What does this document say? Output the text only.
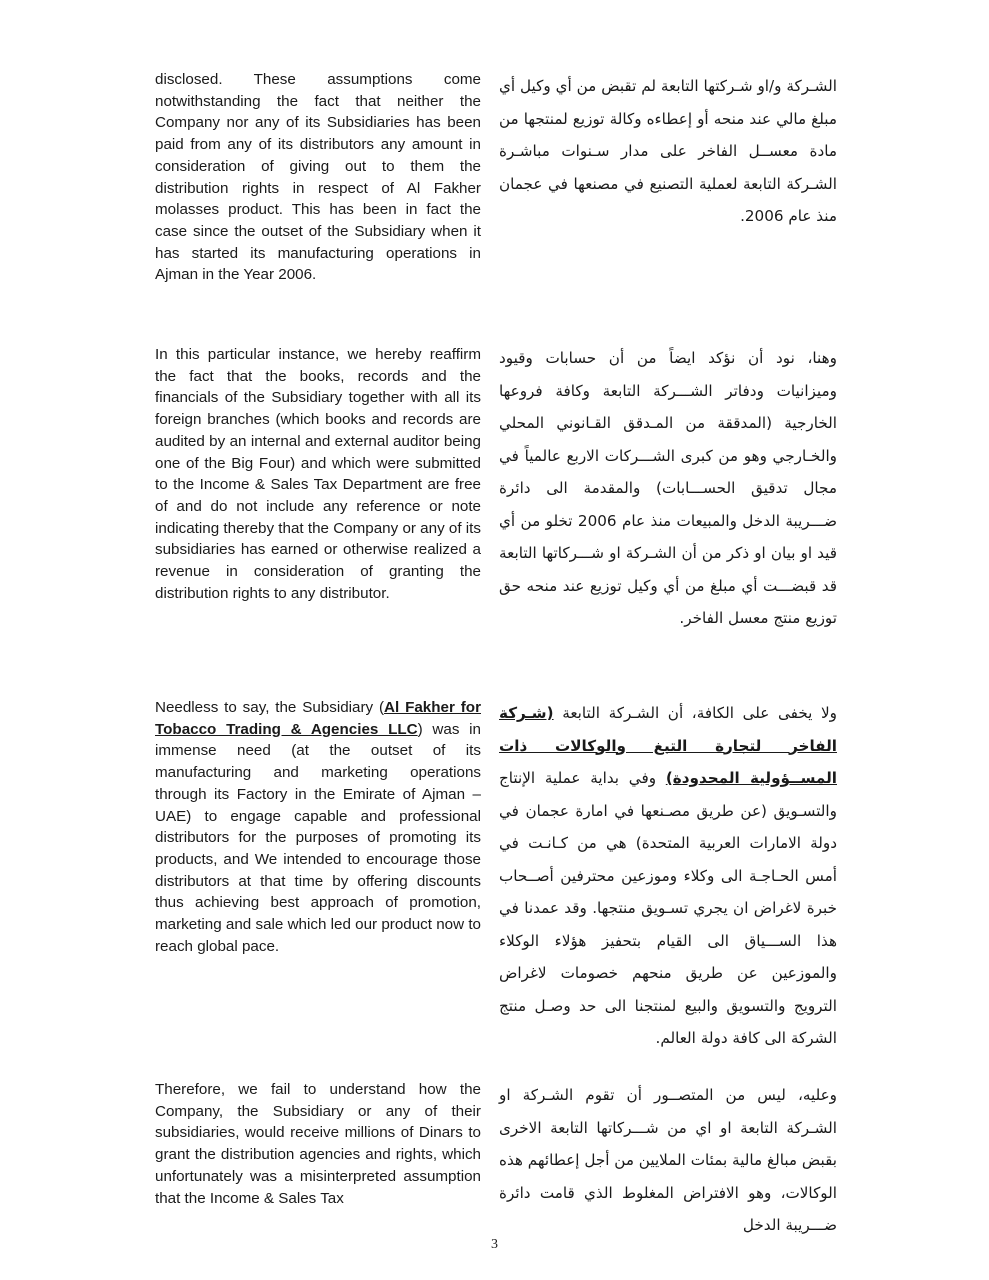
disclosed. These assumptions come notwithstanding the fact that neither the Company nor any of its Subsidiaries has been paid from any of its distributors any amount in consideration of giving out to them the distribution rights in respect of Al Fakher molasses product. This has been in fact the case since the outset of the Subsidiary when it has started its manufacturing operations in Ajman in the Year 2006.
الشـركة و/او شـركتها التابعة لم تقبض من أي وكيل أي مبلغ مالي عند منحه أو إعطاءه وكالة توزيع لمنتجها من مادة معســل الفاخر على مدار سـنوات مباشـرة الشـركة التابعة لعملية التصنيع في مصنعها في عجمان منذ عام 2006.
In this particular instance, we hereby reaffirm the fact that the books, records and the financials of the Subsidiary together with all its foreign branches (which books and records are audited by an internal and external auditor being one of the Big Four) and which were submitted to the Income & Sales Tax Department are free of and do not include any reference or note indicating thereby that the Company or any of its subsidiaries has earned or otherwise realized a revenue in consideration of granting the distribution rights to any distributor.
وهنا، نود أن نؤكد ايضاً من أن حسابات وقيود وميزانيات ودفاتر الشـــركة التابعة وكافة فروعها الخارجية (المدققة من المـدقق القـانوني المحلي والخـارجي وهو من كبرى الشـــركات الاربع عالمياً في مجال تدقيق الحســـابات) والمقدمة الى دائرة ضـــريبة الدخل والمبيعات منذ عام 2006 تخلو من أي قيد او بيان او ذكر من أن الشـركة او شـــركاتها التابعة قد قبضـــت أي مبلغ من أي وكيل توزيع عند منحه حق توزيع منتج معسل الفاخر.
Needless to say, the Subsidiary (Al Fakher for Tobacco Trading & Agencies LLC) was in immense need (at the outset of its manufacturing and marketing operations through its Factory in the Emirate of Ajman – UAE) to engage capable and professional distributors for the purposes of promoting its products, and We intended to encourage those distributors at that time by offering discounts thus achieving best approach of promotion, marketing and sale which led our product now to reach global pace.
ولا يخفى على الكافة، أن الشـركة التابعة (شـركة الفاخر لتجارة التبغ والوكالات ذات المســؤولية المحدودة) وفي بداية عملية الإنتاج والتسـويق (عن طريق مصـنعها في امارة عجمان في دولة الامارات العربية المتحدة) هي من كـانـت في أمس الحـاجـة الى وكلاء وموزعين محترفين أصــحاب خبرة لاغراض ان يجري تسـويق منتجها. وقد عمدنا في هذا الســـياق الى القيام بتحفيز هؤلاء الوكلاء والموزعين عن طريق منحهم خصومات لاغراض الترويج والتسويق والبيع لمنتجنا الى حد وصـل منتج الشركة الى كافة دولة العالم.
Therefore, we fail to understand how the Company, the Subsidiary or any of their subsidiaries, would receive millions of Dinars to grant the distribution agencies and rights, which unfortunately was a misinterpreted assumption that the Income & Sales Tax
وعليه، ليس من المتصــور أن تقوم الشـركة او الشـركة التابعة او اي من شـــركاتها التابعة الاخرى بقبض مبالغ مالية بمئات الملايين من أجل إعطائهم هذه الوكالات، وهو الافتراض المغلوط الذي قامت دائرة ضـــريبة الدخل
3
